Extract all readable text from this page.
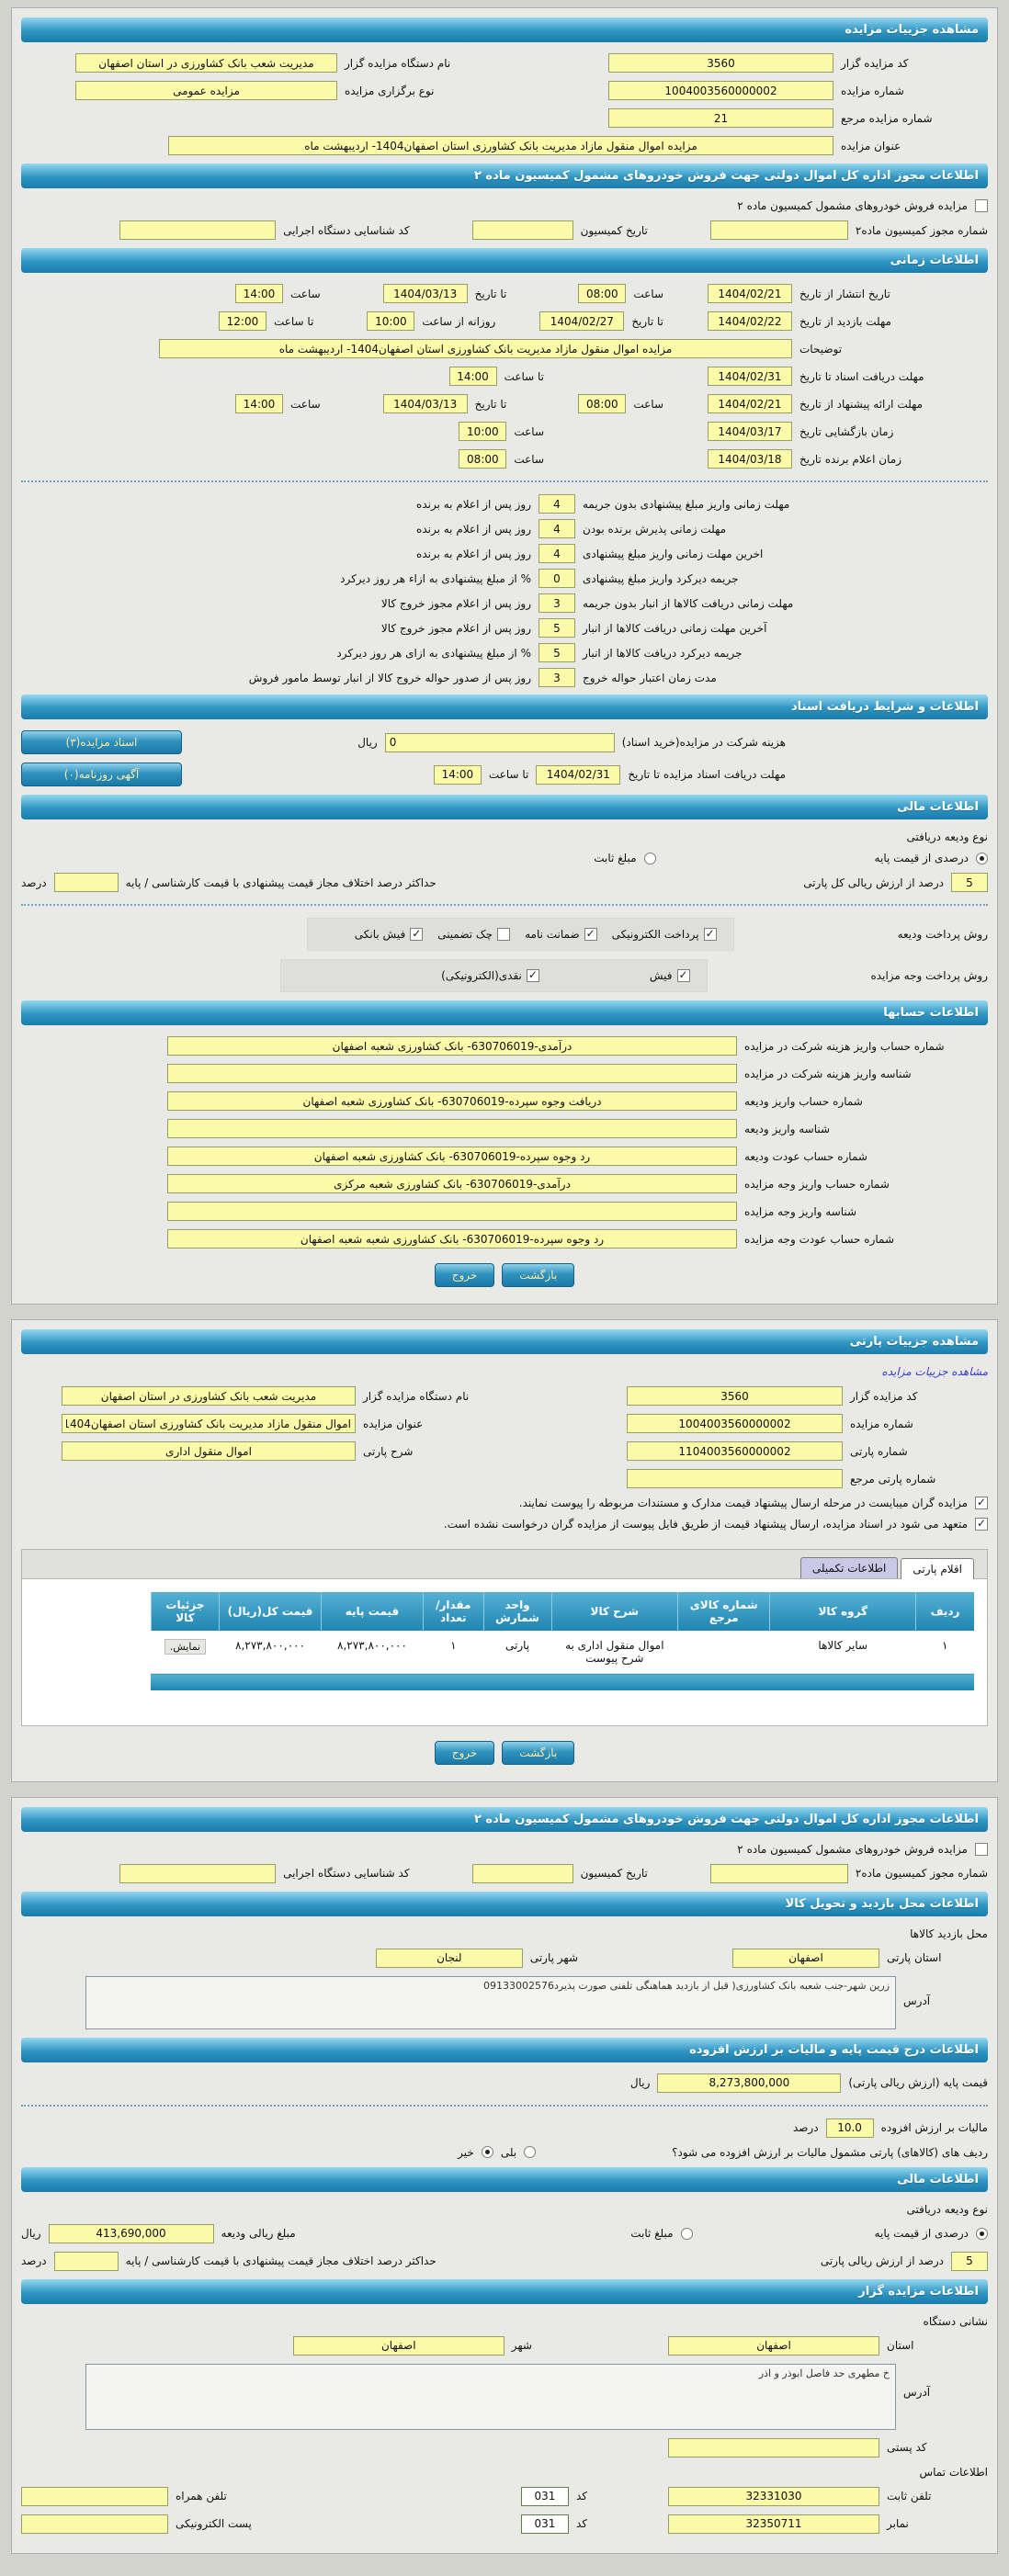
مشاهده جزییات مزایده
کد مزایده گزار
3560
نام دستگاه مزایده گزار
مدیریت شعب بانک کشاورزی در استان اصفهان
شماره مزایده
1004003560000002
نوع برگزاری مزایده
مزایده عمومی
شماره مزایده مرجع
21
عنوان مزایده
مزایده اموال منقول مازاد مدیریت بانک کشاورزی استان اصفهان1404- اردیبهشت ماه
اطلاعات مجوز اداره کل اموال دولتی جهت فروش خودروهای مشمول کمیسیون ماده ۲
مزایده فروش خودروهای مشمول کمیسیون ماده ۲
شماره مجوز کمیسیون ماده۲
تاریخ کمیسیون
کد شناسایی دستگاه اجرایی
اطلاعات زمانی
تاریخ انتشار از تاریخ
1404/02/21
ساعت
08:00
تا تاریخ
1404/03/13
ساعت
14:00
مهلت بازدید از تاریخ
1404/02/22
تا تاریخ
1404/02/27
روزانه از ساعت
10:00
تا ساعت
12:00
توضیحات
مزایده اموال منقول مازاد مدیریت بانک کشاورزی استان اصفهان1404- اردیبهشت ماه
مهلت دریافت اسناد تا تاریخ
1404/02/31
تا ساعت
14:00
مهلت ارائه پیشنهاد از تاریخ
1404/02/21
ساعت
08:00
تا تاریخ
1404/03/13
ساعت
14:00
زمان بازگشایی تاریخ
1404/03/17
ساعت
10:00
زمان اعلام برنده تاریخ
1404/03/18
ساعت
08:00
مهلت زمانی واریز مبلغ پیشنهادی بدون جریمه
4
روز پس از اعلام به برنده
مهلت زمانی پذیرش برنده بودن
4
روز پس از اعلام به برنده
اخرین مهلت زمانی واریز مبلغ پیشنهادی
4
روز پس از اعلام به برنده
جریمه دیرکرد واریز مبلغ پیشنهادی
0
% از مبلغ پیشنهادی به ازاء هر روز دیرکرد
مهلت زمانی دریافت کالاها از انبار بدون جریمه
3
روز پس از اعلام مجوز خروج کالا
آخرین مهلت زمانی دریافت کالاها از انبار
5
روز پس از اعلام مجوز خروج کالا
جریمه دیرکرد دریافت کالاها از انبار
5
% از مبلغ پیشنهادی به ازای هر روز دیرکرد
مدت زمان اعتبار حواله خروج
3
روز پس از صدور حواله خروج کالا از انبار توسط مامور فروش
اطلاعات و شرایط دریافت اسناد
هزینه شرکت در مزایده(خرید اسناد)
0
ریال
اسناد مزایده(۳)
مهلت دریافت اسناد مزایده تا تاریخ
1404/02/31
تا ساعت
14:00
آگهی روزنامه(۰)
اطلاعات مالی
نوع ودیعه دریافتی
درصدی از قیمت پایه
مبلغ ثابت
5
درصد از ارزش ریالی کل پارتی
حداکثر درصد اختلاف مجاز قیمت پیشنهادی با قیمت کارشناسی / پایه
درصد
روش پرداخت ودیعه
✓
پرداخت الکترونیکی
✓
ضمانت نامه
چک تضمینی
✓
فیش بانکی
روش پرداخت وجه مزایده
✓
فیش
✓
نقدی(الکترونیکی)
اطلاعات حسابها
شماره حساب واریز هزینه شرکت در مزایده
درآمدی-630706019- بانک کشاورزی شعبه اصفهان
شناسه واریز هزینه شرکت در مزایده
شماره حساب واریز ودیعه
دریافت وجوه سپرده-630706019- بانک کشاورزی شعبه اصفهان
شناسه واریز ودیعه
شماره حساب عودت ودیعه
رد وجوه سپرده-630706019- بانک کشاورزی شعبه اصفهان
شماره حساب واریز وجه مزایده
درآمدی-630706019- بانک کشاورزی شعبه مرکزی
شناسه واریز وجه مزایده
شماره حساب عودت وجه مزایده
رد وجوه سپرده-630706019- بانک کشاورزی شعبه شعبه اصفهان
بازگشت
خروج
مشاهده جزییات پارتی
مشاهده جزییات مزایده
کد مزایده گزار
3560
نام دستگاه مزایده گزار
مدیریت شعب بانک کشاورزی در استان اصفهان
شماره مزایده
1004003560000002
عنوان مزایده
اموال منقول مازاد مدیریت بانک کشاورزی استان اصفهان1404- اردیبهش
شماره پارتی
1104003560000002
شرح پارتی
اموال منقول اداری
شماره پارتی مرجع
✓
مزایده گران میبایست در مرحله ارسال پیشنهاد قیمت مدارک و مستندات مربوطه را پیوست نمایند.
✓
متعهد می شود در اسناد مزایده، ارسال پیشنهاد قیمت از طریق فایل پیوست از مزایده گران درخواست نشده است.
اقلام پارتی
اطلاعات تکمیلی
ردیف	گروه کالا	شماره کالای مرجع	شرح کالا	واحد شمارش	مقدار/ تعداد	قیمت پایه	قیمت کل(ریال)	جزئیات کالا
۱	سایر کالاها		اموال منقول اداری به شرح پیوست	پارتی	۱	۸,۲۷۳,۸۰۰,۰۰۰	۸,۲۷۳,۸۰۰,۰۰۰	نمایش.

بازگشت
خروج
اطلاعات مجوز اداره کل اموال دولتی جهت فروش خودروهای مشمول کمیسیون ماده ۲
مزایده فروش خودروهای مشمول کمیسیون ماده ۲
شماره مجوز کمیسیون ماده۲
تاریخ کمیسیون
کد شناسایی دستگاه اجرایی
اطلاعات محل بازدید و تحویل کالا
محل بازدید کالاها
استان پارتی
اصفهان
شهر پارتی
لنجان
آدرس
زرین شهر-جنب شعبه بانک کشاورزی( قبل از بازدید هماهنگی تلفنی صورت پذیرد09133002576
اطلاعات درج قیمت پایه و مالیات بر ارزش افزوده
قیمت پایه (ارزش ریالی پارتی)
8,273,800,000
ریال
مالیات بر ارزش افزوده
10.0
درصد
ردیف های (کالاهای) پارتی مشمول مالیات بر ارزش افزوده می شود؟
بلی
خیر
اطلاعات مالی
نوع ودیعه دریافتی
درصدی از قیمت پایه
مبلغ ثابت
مبلغ ریالی ودیعه
413,690,000
ریال
5
درصد از ارزش ریالی پارتی
حداکثر درصد اختلاف مجاز قیمت پیشنهادی با قیمت کارشناسی / پایه
درصد
اطلاعات مزایده گزار
نشانی دستگاه
استان
اصفهان
شهر
اصفهان
آدرس
خ مطهری حد فاصل ابوذر و اذر
کد پستی
اطلاعات تماس
تلفن ثابت
32331030
کد
031
تلفن همراه
نمابر
32350711
کد
031
پست الکترونیکی
